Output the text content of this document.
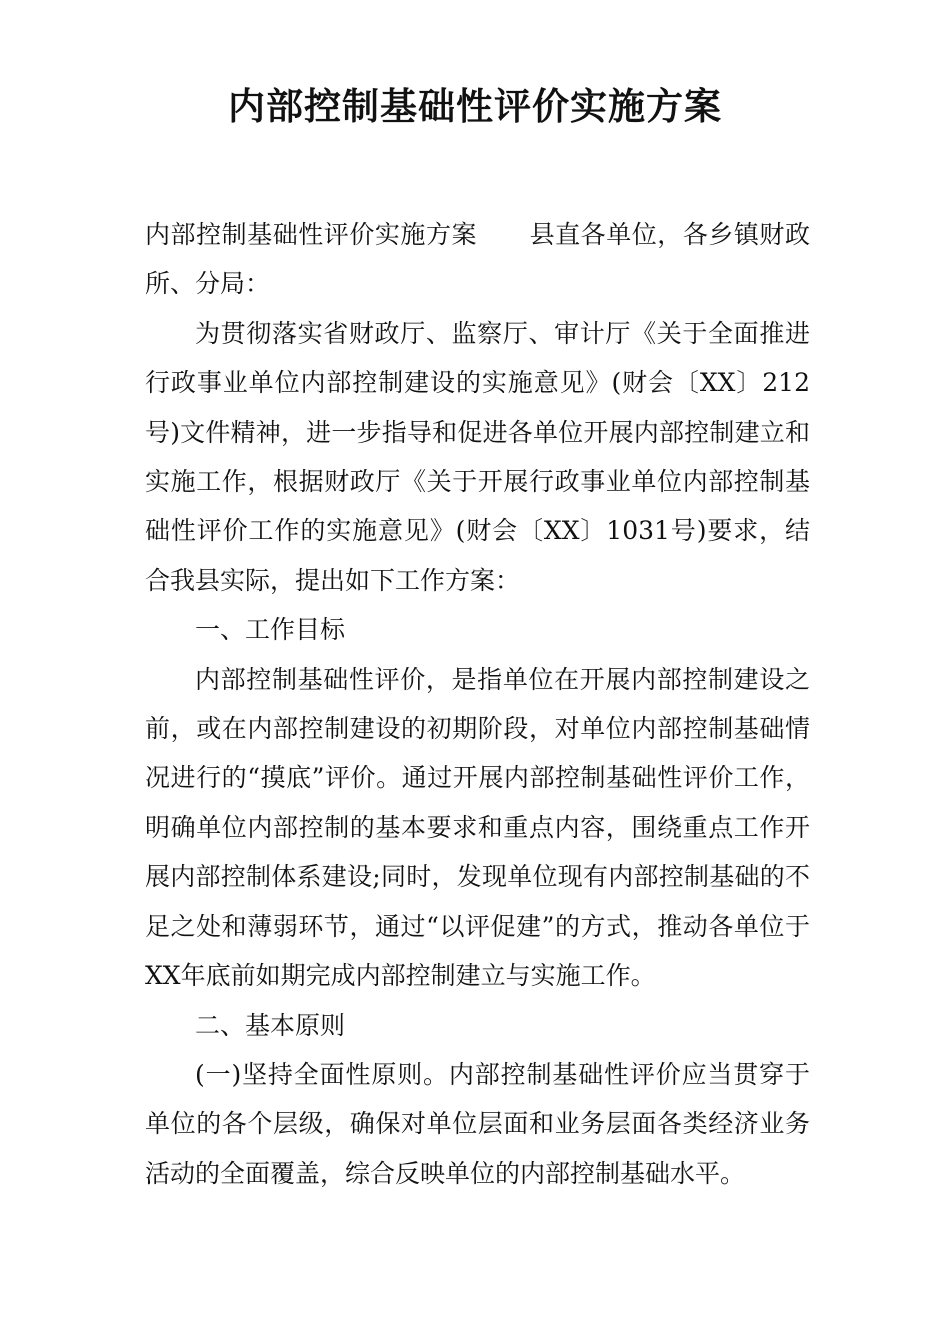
内部控制基础性评价实施方案

内部控制基础性评价实施方案 县直各单位，各乡镇财政所、分局：

为贯彻落实省财政厅、监察厅、审计厅《关于全面推进行政事业单位内部控制建设的实施意见》(财会〔XX〕212号)文件精神，进一步指导和促进各单位开展内部控制建立和实施工作，根据财政厅《关于开展行政事业单位内部控制基础性评价工作的实施意见》(财会〔XX〕1031号)要求，结合我县实际，提出如下工作方案：

一、工作目标

内部控制基础性评价，是指单位在开展内部控制建设之前，或在内部控制建设的初期阶段，对单位内部控制基础情况进行的“摸底”评价。通过开展内部控制基础性评价工作，明确单位内部控制的基本要求和重点内容，围绕重点工作开展内部控制体系建设;同时，发现单位现有内部控制基础的不足之处和薄弱环节，通过“以评促建”的方式，推动各单位于XX年底前如期完成内部控制建立与实施工作。

二、基本原则

(一)坚持全面性原则。内部控制基础性评价应当贯穿于单位的各个层级，确保对单位层面和业务层面各类经济业务活动的全面覆盖，综合反映单位的内部控制基础水平。
